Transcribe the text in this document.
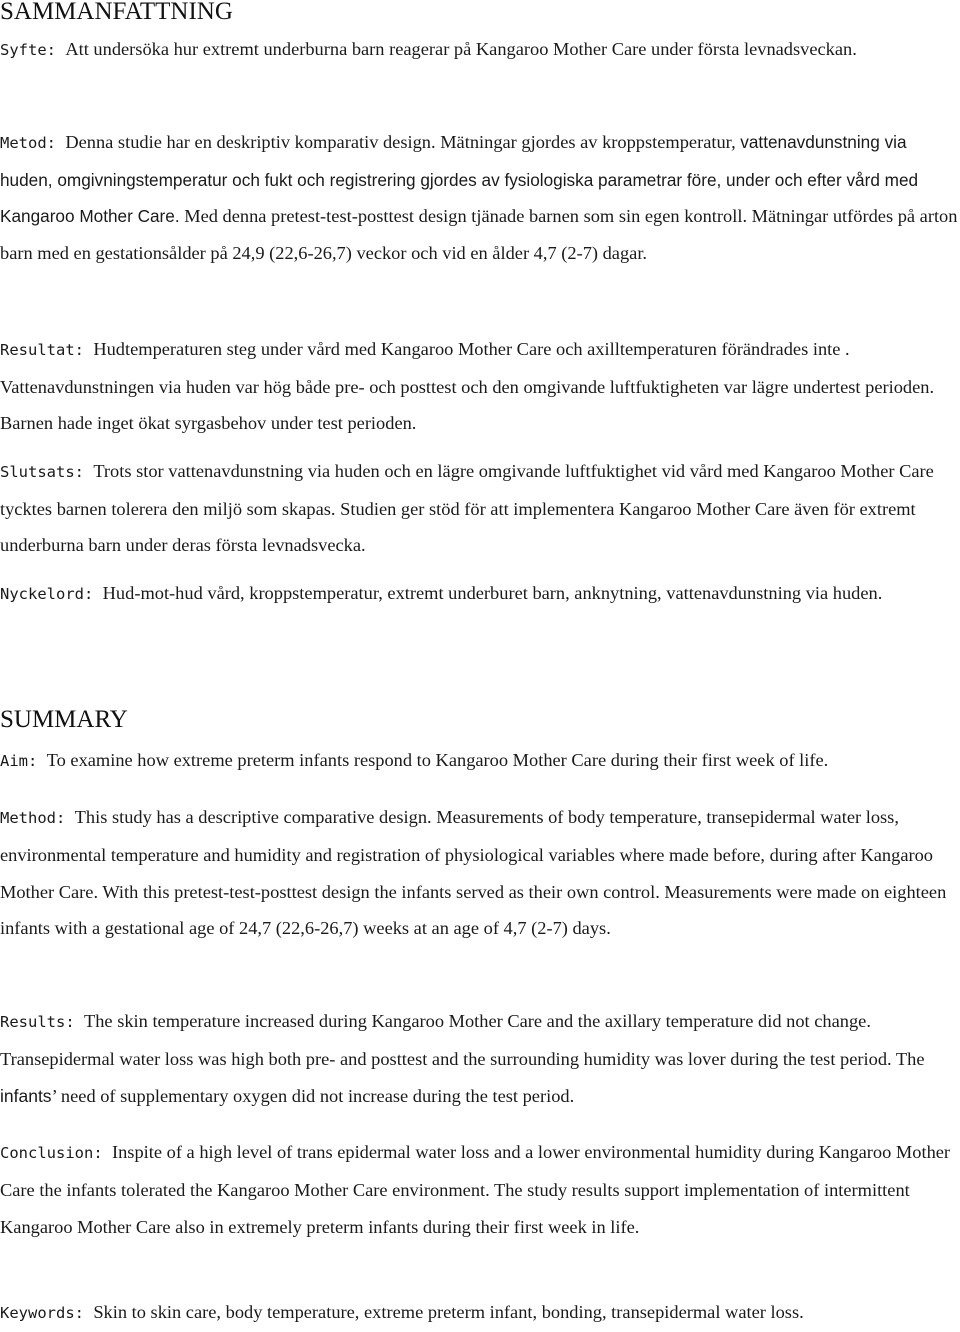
SAMMANFATTNING

Syfte: Att undersöka hur extremt underburna barn reagerar på Kangaroo Mother Care under första levnadsveckan.

Metod: Denna studie har en deskriptiv komparativ design. Mätningar gjordes av kroppstemperatur, vattenavdunstning via huden, omgivningstemperatur och fukt och registrering gjordes av fysiologiska parametrar före, under och efter vård med Kangaroo Mother Care. Med denna pretest-test-posttest design tjänade barnen som sin egen kontroll. Mätningar utfördes på arton barn med en gestationsålder på 24,9 (22,6-26,7) veckor och vid en ålder 4,7 (2-7) dagar.

Resultat: Hudtemperaturen steg under vård med Kangaroo Mother Care och axilltemperaturen förändrades inte . Vattenavdunstningen via huden var hög både pre- och posttest och den omgivande luftfuktigheten var lägre undertest perioden. Barnen hade inget ökat syrgasbehov under test perioden.

Slutsats: Trots stor vattenavdunstning via huden och en lägre omgivande luftfuktighet vid vård med Kangaroo Mother Care tycktes barnen tolerera den miljö som skapas. Studien ger stöd för att implementera Kangaroo Mother Care även för extremt underburna barn under deras första levnadsvecka.

Nyckelord: Hud-mot-hud vård, kroppstemperatur, extremt underburet barn, anknytning, vattenavdunstning via huden.

SUMMARY

Aim: To examine how extreme preterm infants respond to Kangaroo Mother Care during their first week of life.

Method: This study has a descriptive comparative design. Measurements of body temperature, transepidermal water loss, environmental temperature and humidity and registration of physiological variables where made before, during after Kangaroo Mother Care. With this pretest-test-posttest design the infants served as their own control. Measurements were made on eighteen infants with a gestational age of 24,7 (22,6-26,7) weeks at an age of 4,7 (2-7) days.

Results: The skin temperature increased during Kangaroo Mother Care and the axillary temperature did not change. Transepidermal water loss was high both pre- and posttest and the surrounding humidity was lover during the test period. The infants’ need of supplementary oxygen did not increase during the test period.

Conclusion: Inspite of a high level of trans epidermal water loss and a lower environmental humidity during Kangaroo Mother Care the infants tolerated the Kangaroo Mother Care environment. The study results support implementation of intermittent Kangaroo Mother Care also in extremely preterm infants during their first week in life.

Keywords: Skin to skin care, body temperature, extreme preterm infant, bonding, transepidermal water loss.
